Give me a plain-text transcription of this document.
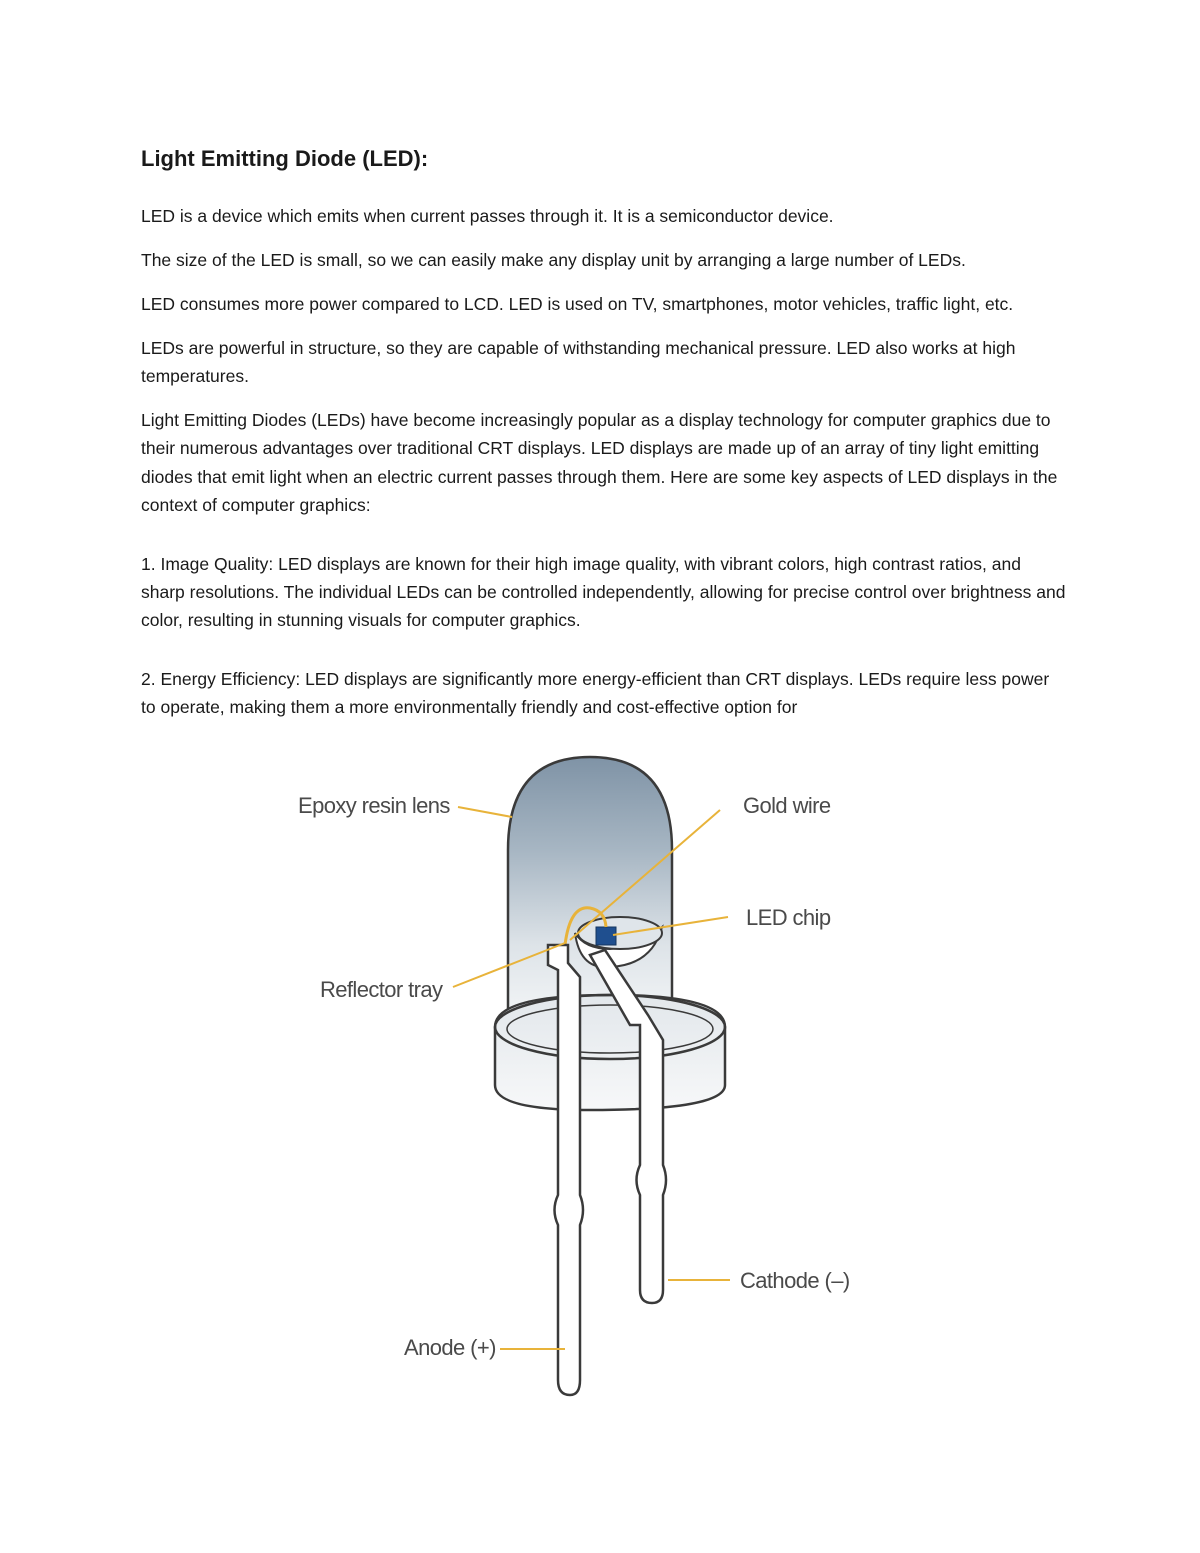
Light Emitting Diode (LED):

LED is a device which emits when current passes through it. It is a semiconductor device.

The size of the LED is small, so we can easily make any display unit by arranging a large number of LEDs.

LED consumes more power compared to LCD. LED is used on TV, smartphones, motor vehicles, traffic light, etc.

LEDs are powerful in structure, so they are capable of withstanding mechanical pressure. LED also works at high temperatures.

Light Emitting Diodes (LEDs) have become increasingly popular as a display technology for computer graphics due to their numerous advantages over traditional CRT displays. LED displays are made up of an array of tiny light emitting diodes that emit light when an electric current passes through them. Here are some key aspects of LED displays in the context of computer graphics:

1. Image Quality: LED displays are known for their high image quality, with vibrant colors, high contrast ratios, and sharp resolutions. The individual LEDs can be controlled independently, allowing for precise control over brightness and color, resulting in stunning visuals for computer graphics.

2. Energy Efficiency: LED displays are significantly more energy-efficient than CRT displays. LEDs require less power to operate, making them a more environmentally friendly and cost-effective option for

Epoxy resin lens	Gold wire
LED chip
Reflector tray
Cathode (–)
Anode (+)
